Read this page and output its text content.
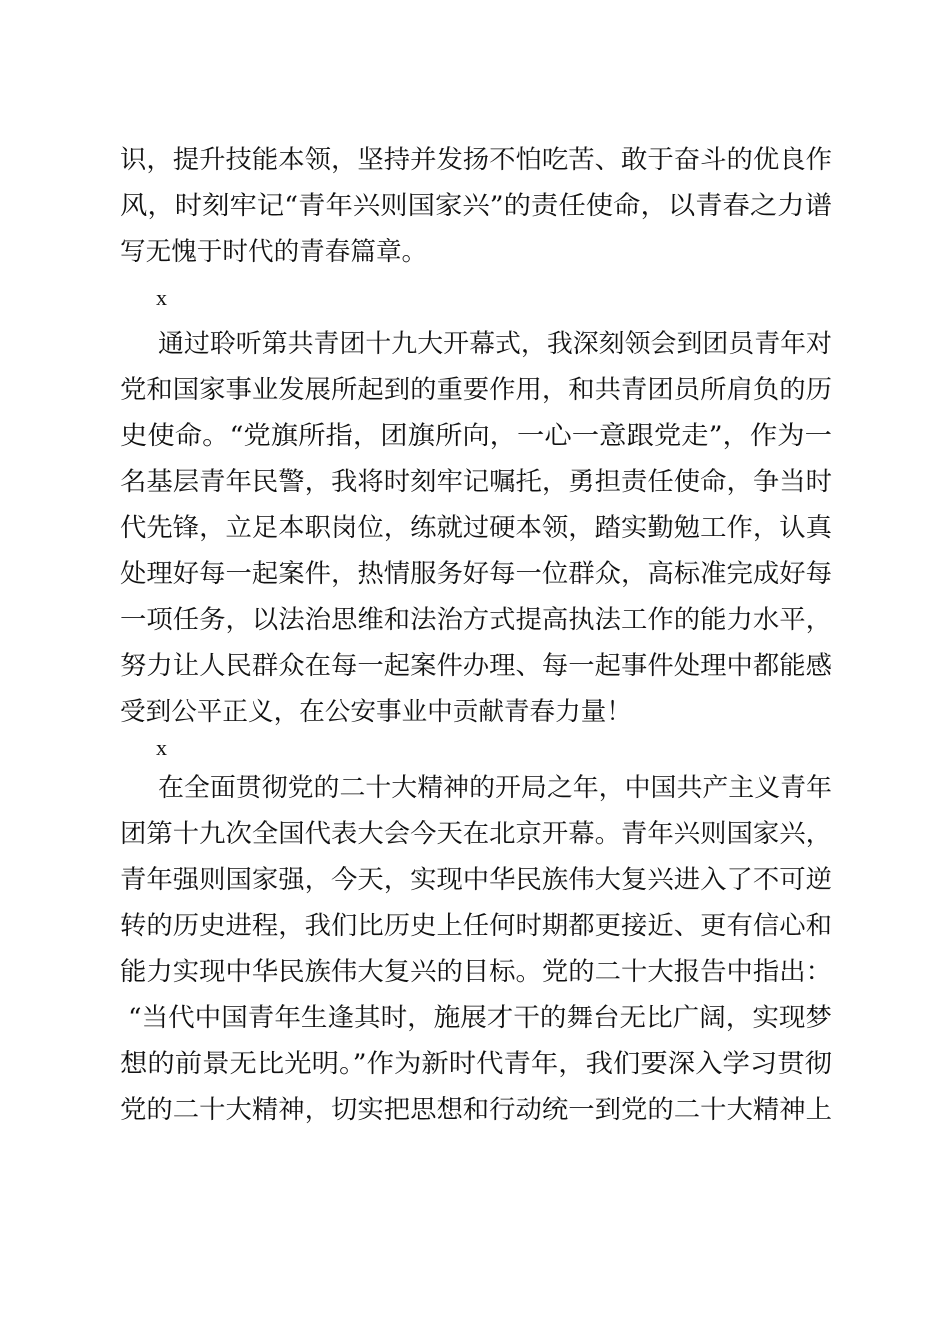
识，提升技能本领，坚持并发扬不怕吃苦、敢于奋斗的优良作
风，时刻牢记“青年兴则国家兴”的责任使命，以青春之力谱
写无愧于时代的青春篇章。
x
通过聆听第共青团十九大开幕式，我深刻领会到团员青年对
党和国家事业发展所起到的重要作用，和共青团员所肩负的历
史使命。“党旗所指，团旗所向，一心一意跟党走”，作为一
名基层青年民警，我将时刻牢记嘱托，勇担责任使命，争当时
代先锋，立足本职岗位，练就过硬本领，踏实勤勉工作，认真
处理好每一起案件，热情服务好每一位群众，高标准完成好每
一项任务，以法治思维和法治方式提高执法工作的能力水平，
努力让人民群众在每一起案件办理、每一起事件处理中都能感
受到公平正义，在公安事业中贡献青春力量！
x
在全面贯彻党的二十大精神的开局之年，中国共产主义青年
团第十九次全国代表大会今天在北京开幕。青年兴则国家兴，
青年强则国家强，今天，实现中华民族伟大复兴进入了不可逆
转的历史进程，我们比历史上任何时期都更接近、更有信心和
能力实现中华民族伟大复兴的目标。党的二十大报告中指出：
“当代中国青年生逢其时，施展才干的舞台无比广阔，实现梦
想的前景无比光明。”作为新时代青年，我们要深入学习贯彻
党的二十大精神，切实把思想和行动统一到党的二十大精神上
